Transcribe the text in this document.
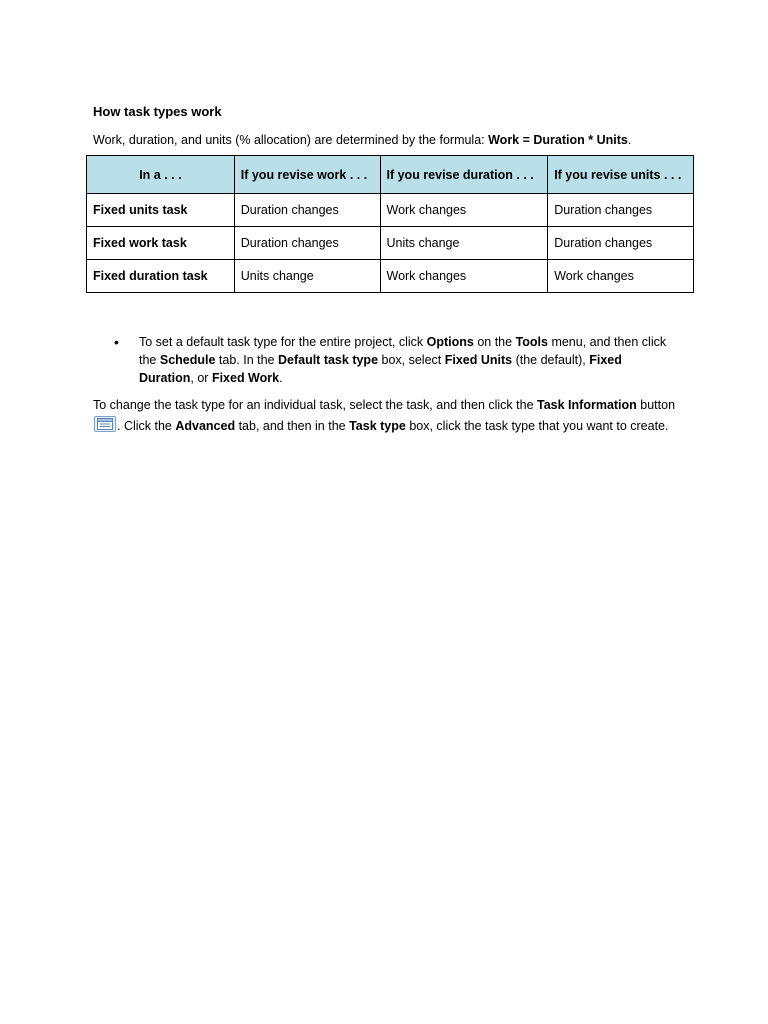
How task types work
Work, duration, and units (% allocation) are determined by the formula: Work = Duration * Units.
In a . . .	If you revise work . . .	If you revise duration . . .	If you revise units . . .
Fixed units task	Duration changes	Work changes	Duration changes
Fixed work task	Duration changes	Units change	Duration changes
Fixed duration task	Units change	Work changes	Work changes
• To set a default task type for the entire project, click Options on the Tools menu, and then click the Schedule tab. In the Default task type box, select Fixed Units (the default), Fixed Duration, or Fixed Work.
To change the task type for an individual task, select the task, and then click the Task Information button
. Click the Advanced tab, and then in the Task type box, click the task type that you want to create.
